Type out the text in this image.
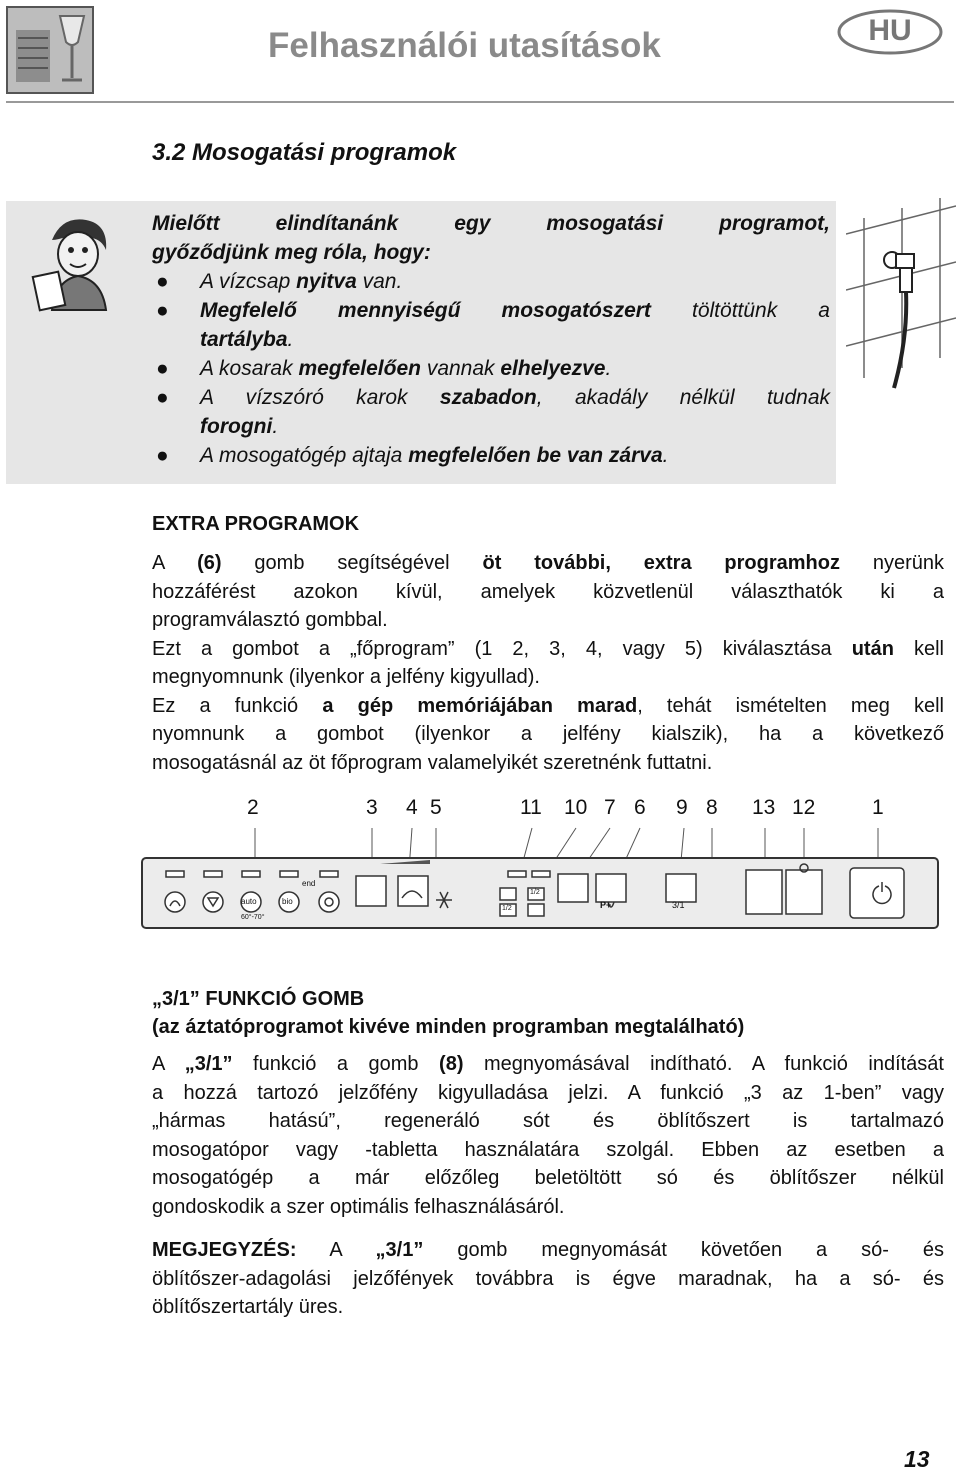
Felhasználói utasítások	HU
3.2 Mosogatási programok
Mielőtt elindítanánk egy mosogatási programot,
győződjünk meg róla, hogy:
● A vízcsap nyitva van.
● Megfelelő mennyiségű mosogatószert töltöttünk a
tartályba.
● A kosarak megfelelően vannak elhelyezve.
● A vízszóró karok szabadon, akadály nélkül tudnak
forogni.
● A mosogatógép ajtaja megfelelően be van zárva.
EXTRA PROGRAMOK
A (6) gomb segítségével öt további, extra programhoz nyerünk
hozzáférést azokon kívül, amelyek közvetlenül választhatók ki a
programválasztó gombbal.
Ezt a gombot a „főprogram” (1 2, 3, 4, vagy 5) kiválasztása után kell
megnyomnunk (ilyenkor a jelfény kigyullad).
Ez a funkció a gép memóriájában marad, tehát ismételten meg kell
nyomnunk a gombot (ilyenkor a jelfény kialszik), ha a következő
mosogatásnál az öt főprogram valamelyikét szeretnénk futtatni.
2	3 4 5	11 10 7 6 9 8 13 12	1
auto
60°-70°
bio
end
1/2
1/2
P+	3/1
„3/1” FUNKCIÓ GOMB
(az áztatóprogramot kivéve minden programban megtalálható)
A „3/1” funkció a gomb (8) megnyomásával indítható. A funkció indítását
a hozzá tartozó jelzőfény kigyulladása jelzi. A funkció „3 az 1-ben” vagy
„hármas hatású”, regeneráló sót és öblítőszert is tartalmazó
mosogatópor vagy -tabletta használatára szolgál. Ebben az esetben a
mosogatógép a már előzőleg beletöltött só és öblítőszer nélkül
gondoskodik a szer optimális felhasználásáról.
MEGJEGYZÉS: A „3/1” gomb megnyomását követően a só- és
öblítőszer-adagolási jelzőfények továbbra is égve maradnak, ha a só- és
öblítőszertartály üres.
13
